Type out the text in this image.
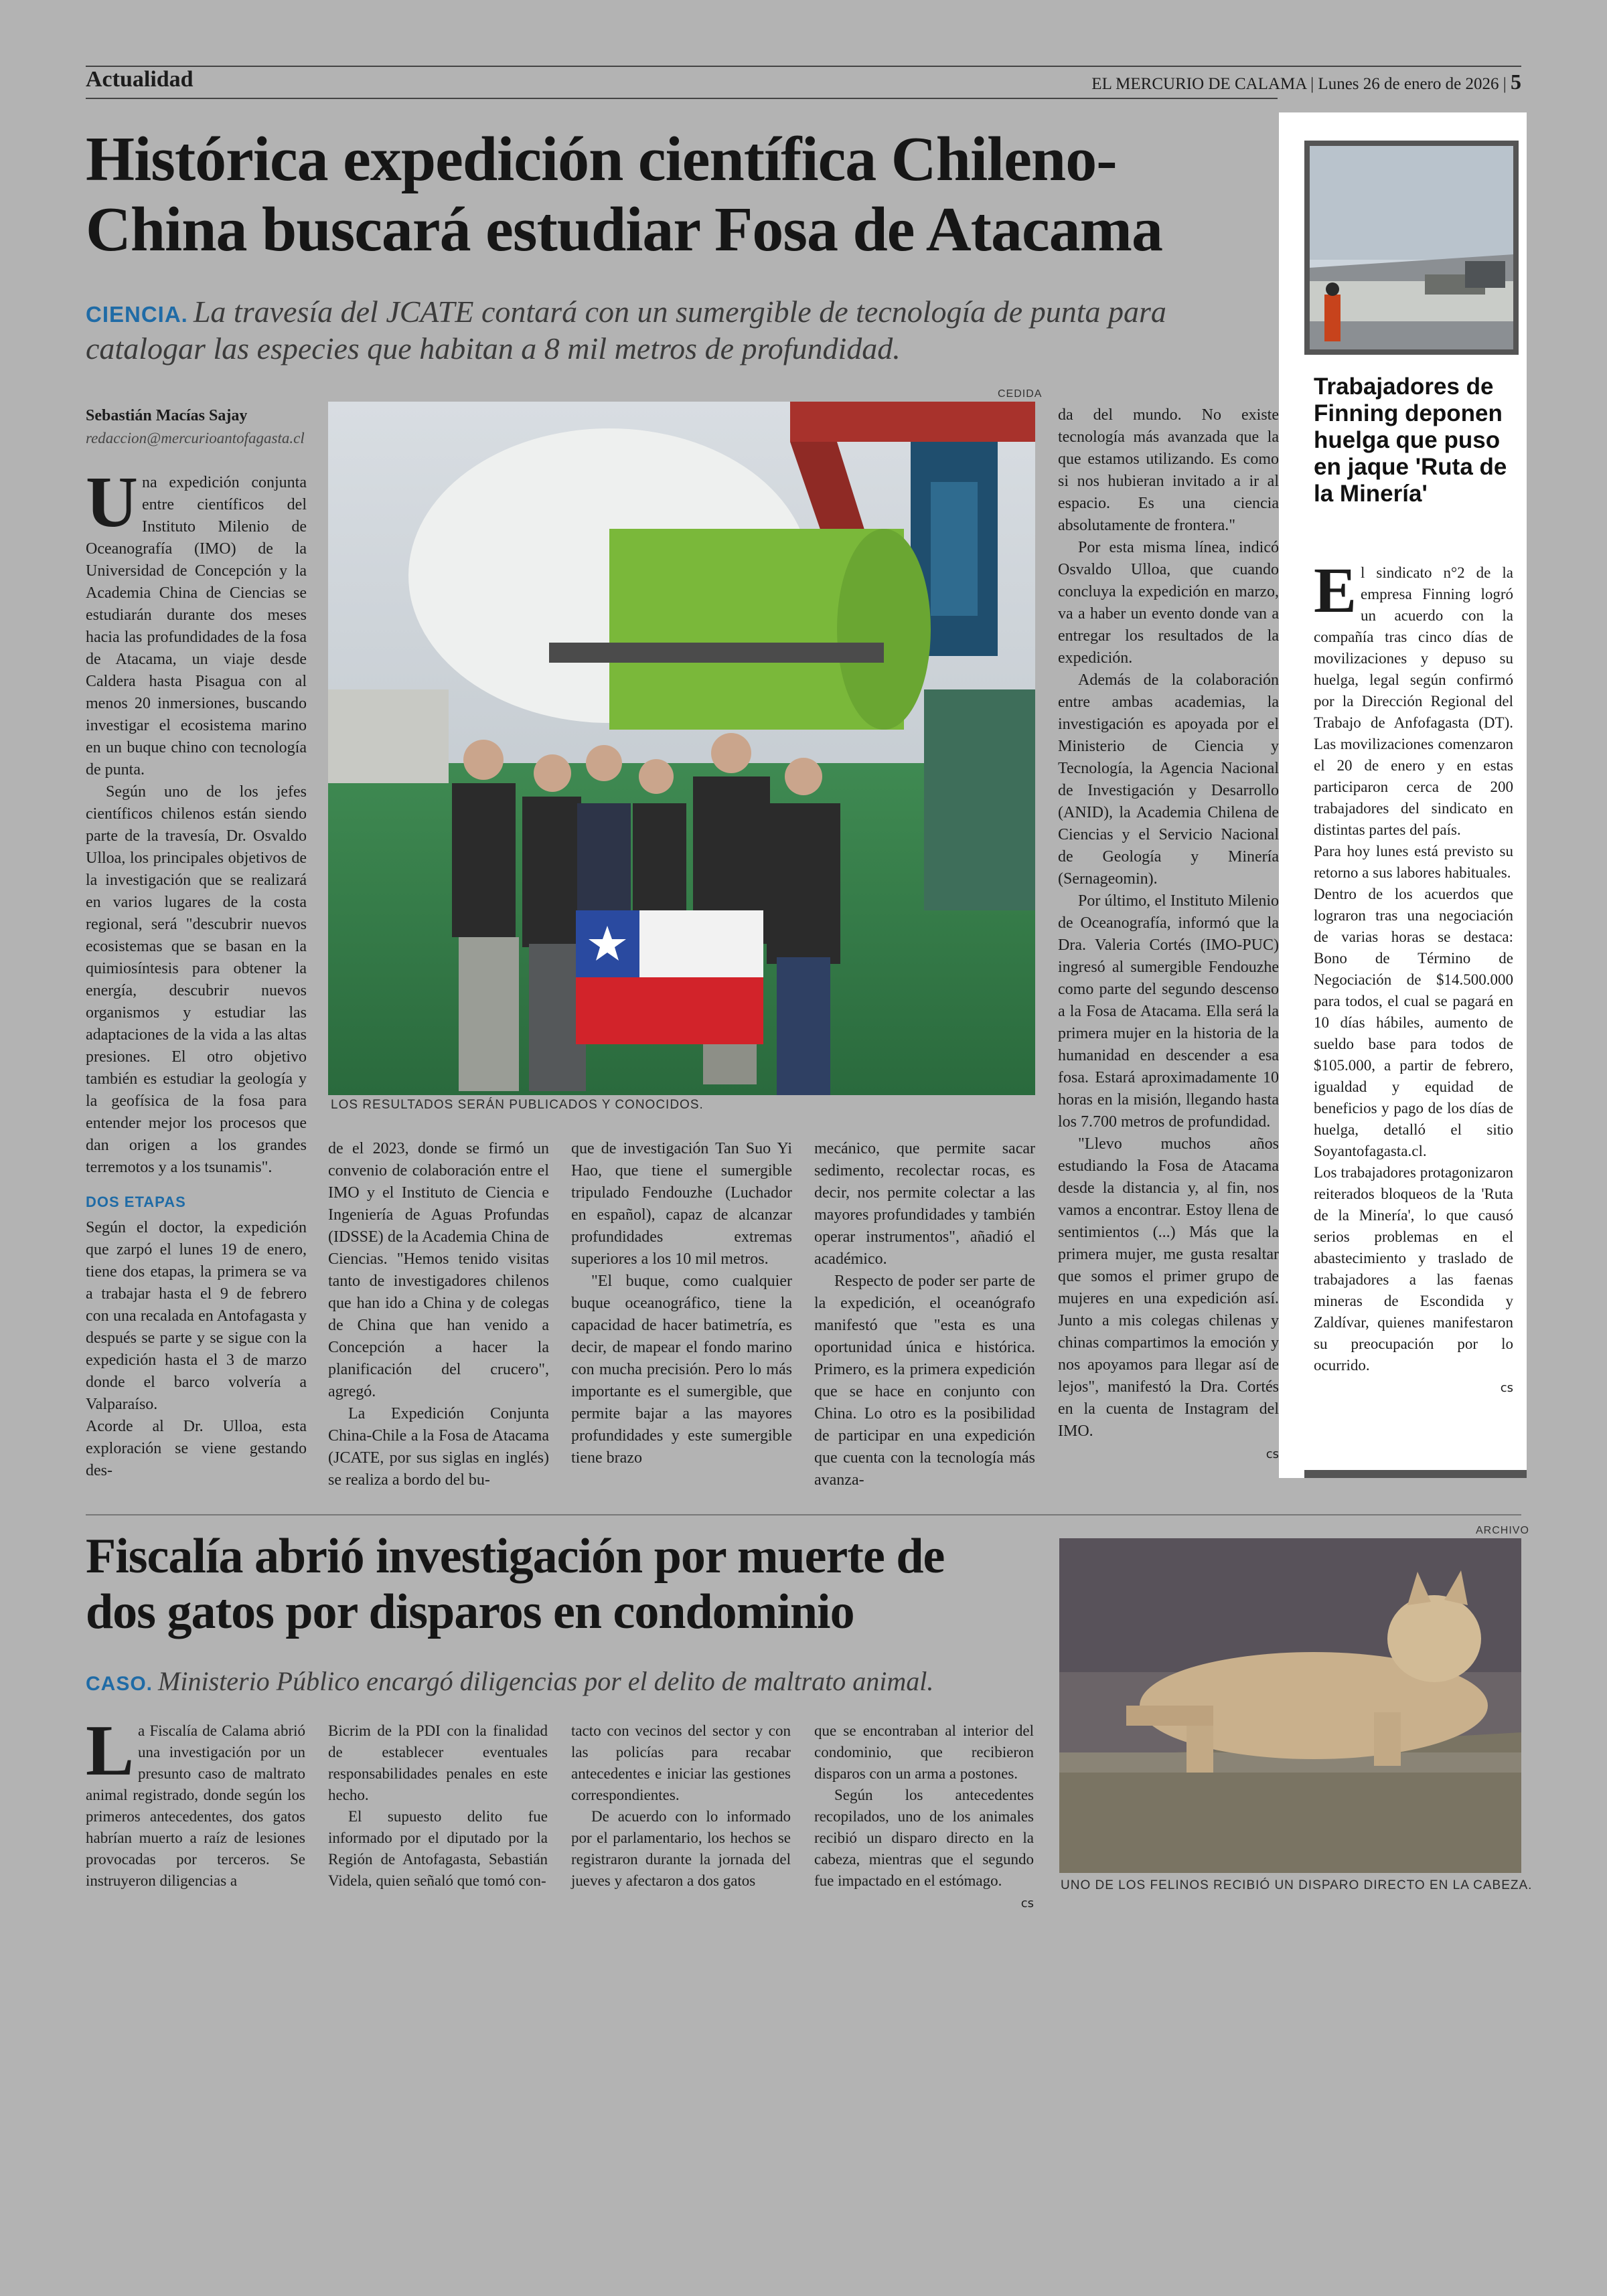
Actualidad	EL MERCURIO DE CALAMA | Lunes 26 de enero de 2026 | 5
Histórica expedición científica Chileno-
China buscará estudiar Fosa de Atacama
CIENCIA. La travesía del JCATE contará con un sumergible de tecnología de punta para catalogar las especies que habitan a 8 mil metros de profundidad.
Sebastián Macías Sajay
redaccion@mercurioantofagasta.cl
CEDIDA
LOS RESULTADOS SERÁN PUBLICADOS Y CONOCIDOS.

Una expedición conjunta entre científicos del Instituto Milenio de Oceanografía (IMO) de la Universidad de Concepción y la Academia China de Ciencias se estudiarán durante dos meses hacia las profundidades de la fosa de Atacama, un viaje desde Caldera hasta Pisagua con al menos 20 inmersiones, buscando investigar el ecosistema marino en un buque chino con tecnología de punta.

Según uno de los jefes científicos chilenos están siendo parte de la travesía, Dr. Osvaldo Ulloa, los principales objetivos de la investigación que se realizará en varios lugares de la costa regional, será "descubrir nuevos ecosistemas que se basan en la quimiosíntesis para obtener la energía, descubrir nuevos organismos y estudiar las adaptaciones de la vida a las altas presiones. El otro objetivo también es estudiar la geología y la geofísica de la fosa para entender mejor los procesos que dan origen a los grandes terremotos y a los tsunamis".

DOS ETAPAS

Según el doctor, la expedición que zarpó el lunes 19 de enero, tiene dos etapas, la primera se va a trabajar hasta el 9 de febrero con una recalada en Antofagasta y después se parte y se sigue con la expedición hasta el 3 de marzo donde el barco volvería a Valparaíso.

Acorde al Dr. Ulloa, esta exploración se viene gestando des-

de el 2023, donde se firmó un convenio de colaboración entre el IMO y el Instituto de Ciencia e Ingeniería de Aguas Profundas (IDSSE) de la Academia China de Ciencias. "Hemos tenido visitas tanto de investigadores chilenos que han ido a China y de colegas de China que han venido a Concepción a hacer la planificación del crucero", agregó.

La Expedición Conjunta China-Chile a la Fosa de Atacama (JCATE, por sus siglas en inglés) se realiza a bordo del bu-

que de investigación Tan Suo Yi Hao, que tiene el sumergible tripulado Fendouzhe (Luchador en español), capaz de alcanzar profundidades extremas superiores a los 10 mil metros.

"El buque, como cualquier buque oceanográfico, tiene la capacidad de hacer batimetría, es decir, de mapear el fondo marino con mucha precisión. Pero lo más importante es el sumergible, que permite bajar a las mayores profundidades y este sumergible tiene brazo

mecánico, que permite sacar sedimento, recolectar rocas, es decir, nos permite colectar a las mayores profundidades y también operar instrumentos", añadió el académico.

Respecto de poder ser parte de la expedición, el oceanógrafo manifestó que "esta es una oportunidad única e histórica. Primero, es la primera expedición que se hace en conjunto con China. Lo otro es la posibilidad de participar en una expedición que cuenta con la tecnología más avanza-

da del mundo. No existe tecnología más avanzada que la que estamos utilizando. Es como si nos hubieran invitado a ir al espacio. Es una ciencia absolutamente de frontera."

Por esta misma línea, indicó Osvaldo Ulloa, que cuando concluya la expedición en marzo, va a haber un evento donde van a entregar los resultados de la expedición.

Además de la colaboración entre ambas academias, la investigación es apoyada por el Ministerio de Ciencia y Tecnología, la Agencia Nacional de Investigación y Desarrollo (ANID), la Academia Chilena de Ciencias y el Servicio Nacional de Geología y Minería (Sernageomin).

Por último, el Instituto Milenio de Oceanografía, informó que la Dra. Valeria Cortés (IMO-PUC) ingresó al sumergible Fendouzhe como parte del segundo descenso a la Fosa de Atacama. Ella será la primera mujer en la historia de la humanidad en descender a esa fosa. Estará aproximadamente 10 horas en la misión, llegando hasta los 7.700 metros de profundidad.

"Llevo muchos años estudiando la Fosa de Atacama desde la distancia y, al fin, nos vamos a encontrar. Estoy llena de sentimientos (...) Más que la primera mujer, me gusta resaltar que somos el primer grupo de mujeres en una expedición así. Junto a mis colegas chilenas y chinas compartimos la emoción y nos apoyamos para llegar así de lejos", manifestó la Dra. Cortés en la cuenta de Instagram del IMO.

cs
Trabajadores de Finning deponen huelga que puso en jaque 'Ruta de la Minería'

El sindicato n°2 de la empresa Finning logró un acuerdo con la compañía tras cinco días de movilizaciones y depuso su huelga, legal según confirmó por la Dirección Regional del Trabajo de Anfofagasta (DT). Las movilizaciones comenzaron el 20 de enero y en estas participaron cerca de 200 trabajadores del sindicato en distintas partes del país.

Para hoy lunes está previsto su retorno a sus labores habituales.

Dentro de los acuerdos que lograron tras una negociación de varias horas se destaca: Bono de Término de Negociación de $14.500.000 para todos, el cual se pagará en 10 días hábiles, aumento de sueldo base para todos de $105.000, a partir de febrero, igualdad y equidad de beneficios y pago de los días de huelga, detalló el sitio Soyantofagasta.cl.

Los trabajadores protagonizaron reiterados bloqueos de la 'Ruta de la Minería', lo que causó serios problemas en el abastecimiento y traslado de trabajadores a las faenas mineras de Escondida y Zaldívar, quienes manifestaron su preocupación por lo ocurrido.

cs
Fiscalía abrió investigación por muerte de
dos gatos por disparos en condominio
CASO. Ministerio Público encargó diligencias por el delito de maltrato animal.

La Fiscalía de Calama abrió una investigación por un presunto caso de maltrato animal registrado, donde según los primeros antecedentes, dos gatos habrían muerto a raíz de lesiones provocadas por terceros. Se instruyeron diligencias a

Bicrim de la PDI con la finalidad de establecer eventuales responsabilidades penales en este hecho.

El supuesto delito fue informado por el diputado por la Región de Antofagasta, Sebastián Videla, quien señaló que tomó con-

tacto con vecinos del sector y con las policías para recabar antecedentes e iniciar las gestiones correspondientes.

De acuerdo con lo informado por el parlamentario, los hechos se registraron durante la jornada del jueves y afectaron a dos gatos

que se encontraban al interior del condominio, que recibieron disparos con un arma a postones.

Según los antecedentes recopilados, uno de los animales recibió un disparo directo en la cabeza, mientras que el segundo fue impactado en el estómago.

cs
ARCHIVO
UNO DE LOS FELINOS RECIBIÓ UN DISPARO DIRECTO EN LA CABEZA.
